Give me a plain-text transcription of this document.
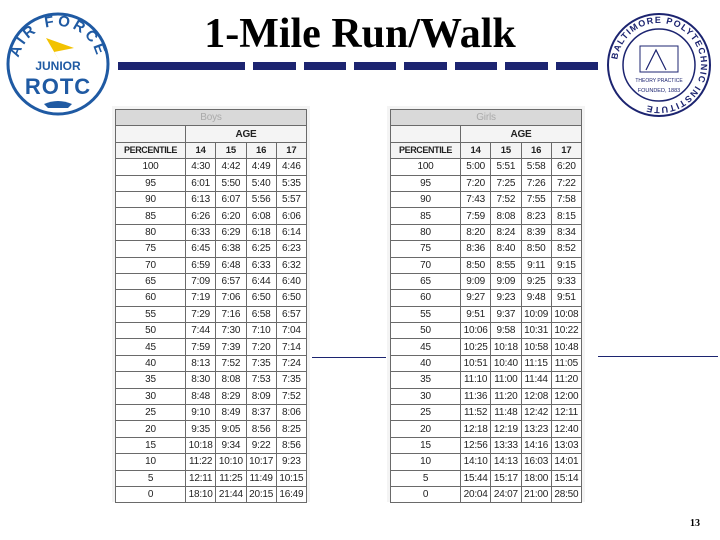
AIR FORCE
JUNIOR
ROTC
1-Mile Run/Walk	BALTIMORE POLYTECHNIC INSTITUTE
THEORY PRACTICE
FOUNDED, 1883
Boys				
	AGE			
PERCENTILE	14	15	16	17
100	4:30	4:42	4:49	4:46
95	6:01	5:50	5:40	5:35
90	6:13	6:07	5:56	5:57
85	6:26	6:20	6:08	6:06
80	6:33	6:29	6:18	6:14
75	6:45	6:38	6:25	6:23
70	6:59	6:48	6:33	6:32
65	7:09	6:57	6:44	6:40
60	7:19	7:06	6:50	6:50
55	7:29	7:16	6:58	6:57
50	7:44	7:30	7:10	7:04
45	7:59	7:39	7:20	7:14
40	8:13	7:52	7:35	7:24
35	8:30	8:08	7:53	7:35
30	8:48	8:29	8:09	7:52
25	9:10	8:49	8:37	8:06
20	9:35	9:05	8:56	8:25
15	10:18	9:34	9:22	8:56
10	11:22	10:10	10:17	9:23
5	12:11	11:25	11:49	10:15
0	18:10	21:44	20:15	16:49
Girls				
	AGE			
PERCENTILE	14	15	16	17
100	5:00	5:51	5:58	6:20
95	7:20	7:25	7:26	7:22
90	7:43	7:52	7:55	7:58
85	7:59	8:08	8:23	8:15
80	8:20	8:24	8:39	8:34
75	8:36	8:40	8:50	8:52
70	8:50	8:55	9:11	9:15
65	9:09	9:09	9:25	9:33
60	9:27	9:23	9:48	9:51
55	9:51	9:37	10:09	10:08
50	10:06	9:58	10:31	10:22
45	10:25	10:18	10:58	10:48
40	10:51	10:40	11:15	11:05
35	11:10	11:00	11:44	11:20
30	11:36	11:20	12:08	12:00
25	11:52	11:48	12:42	12:11
20	12:18	12:19	13:23	12:40
15	12:56	13:33	14:16	13:03
10	14:10	14:13	16:03	14:01
5	15:44	15:17	18:00	15:14
0	20:04	24:07	21:00	28:50
13
